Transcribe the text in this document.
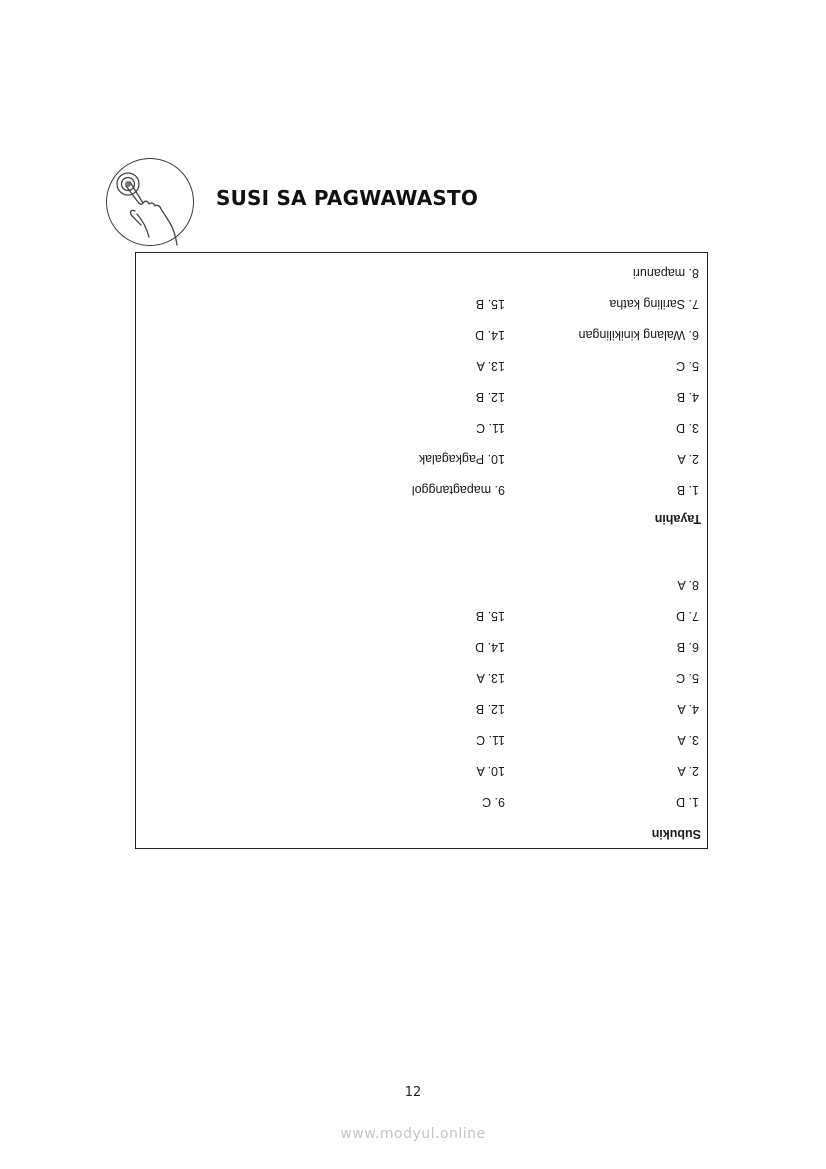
SUSI SA PAGWAWASTO
Subukin
1. D
2. A
3. A
4. A
5. C
6. B
7. D
8. A
9. C
10. A
11. C
12. B
13. A
14. D
15. B
Tayahin
1. B
2. A
3. D
4. B
5. C
6. Walang kinikilingan
7. Sariling katha
8. mapanuri
9. mapagtanggol
10. Pagkagalak
11. C
12. B
13. A
14. D
15. B
12
www.modyul.online
